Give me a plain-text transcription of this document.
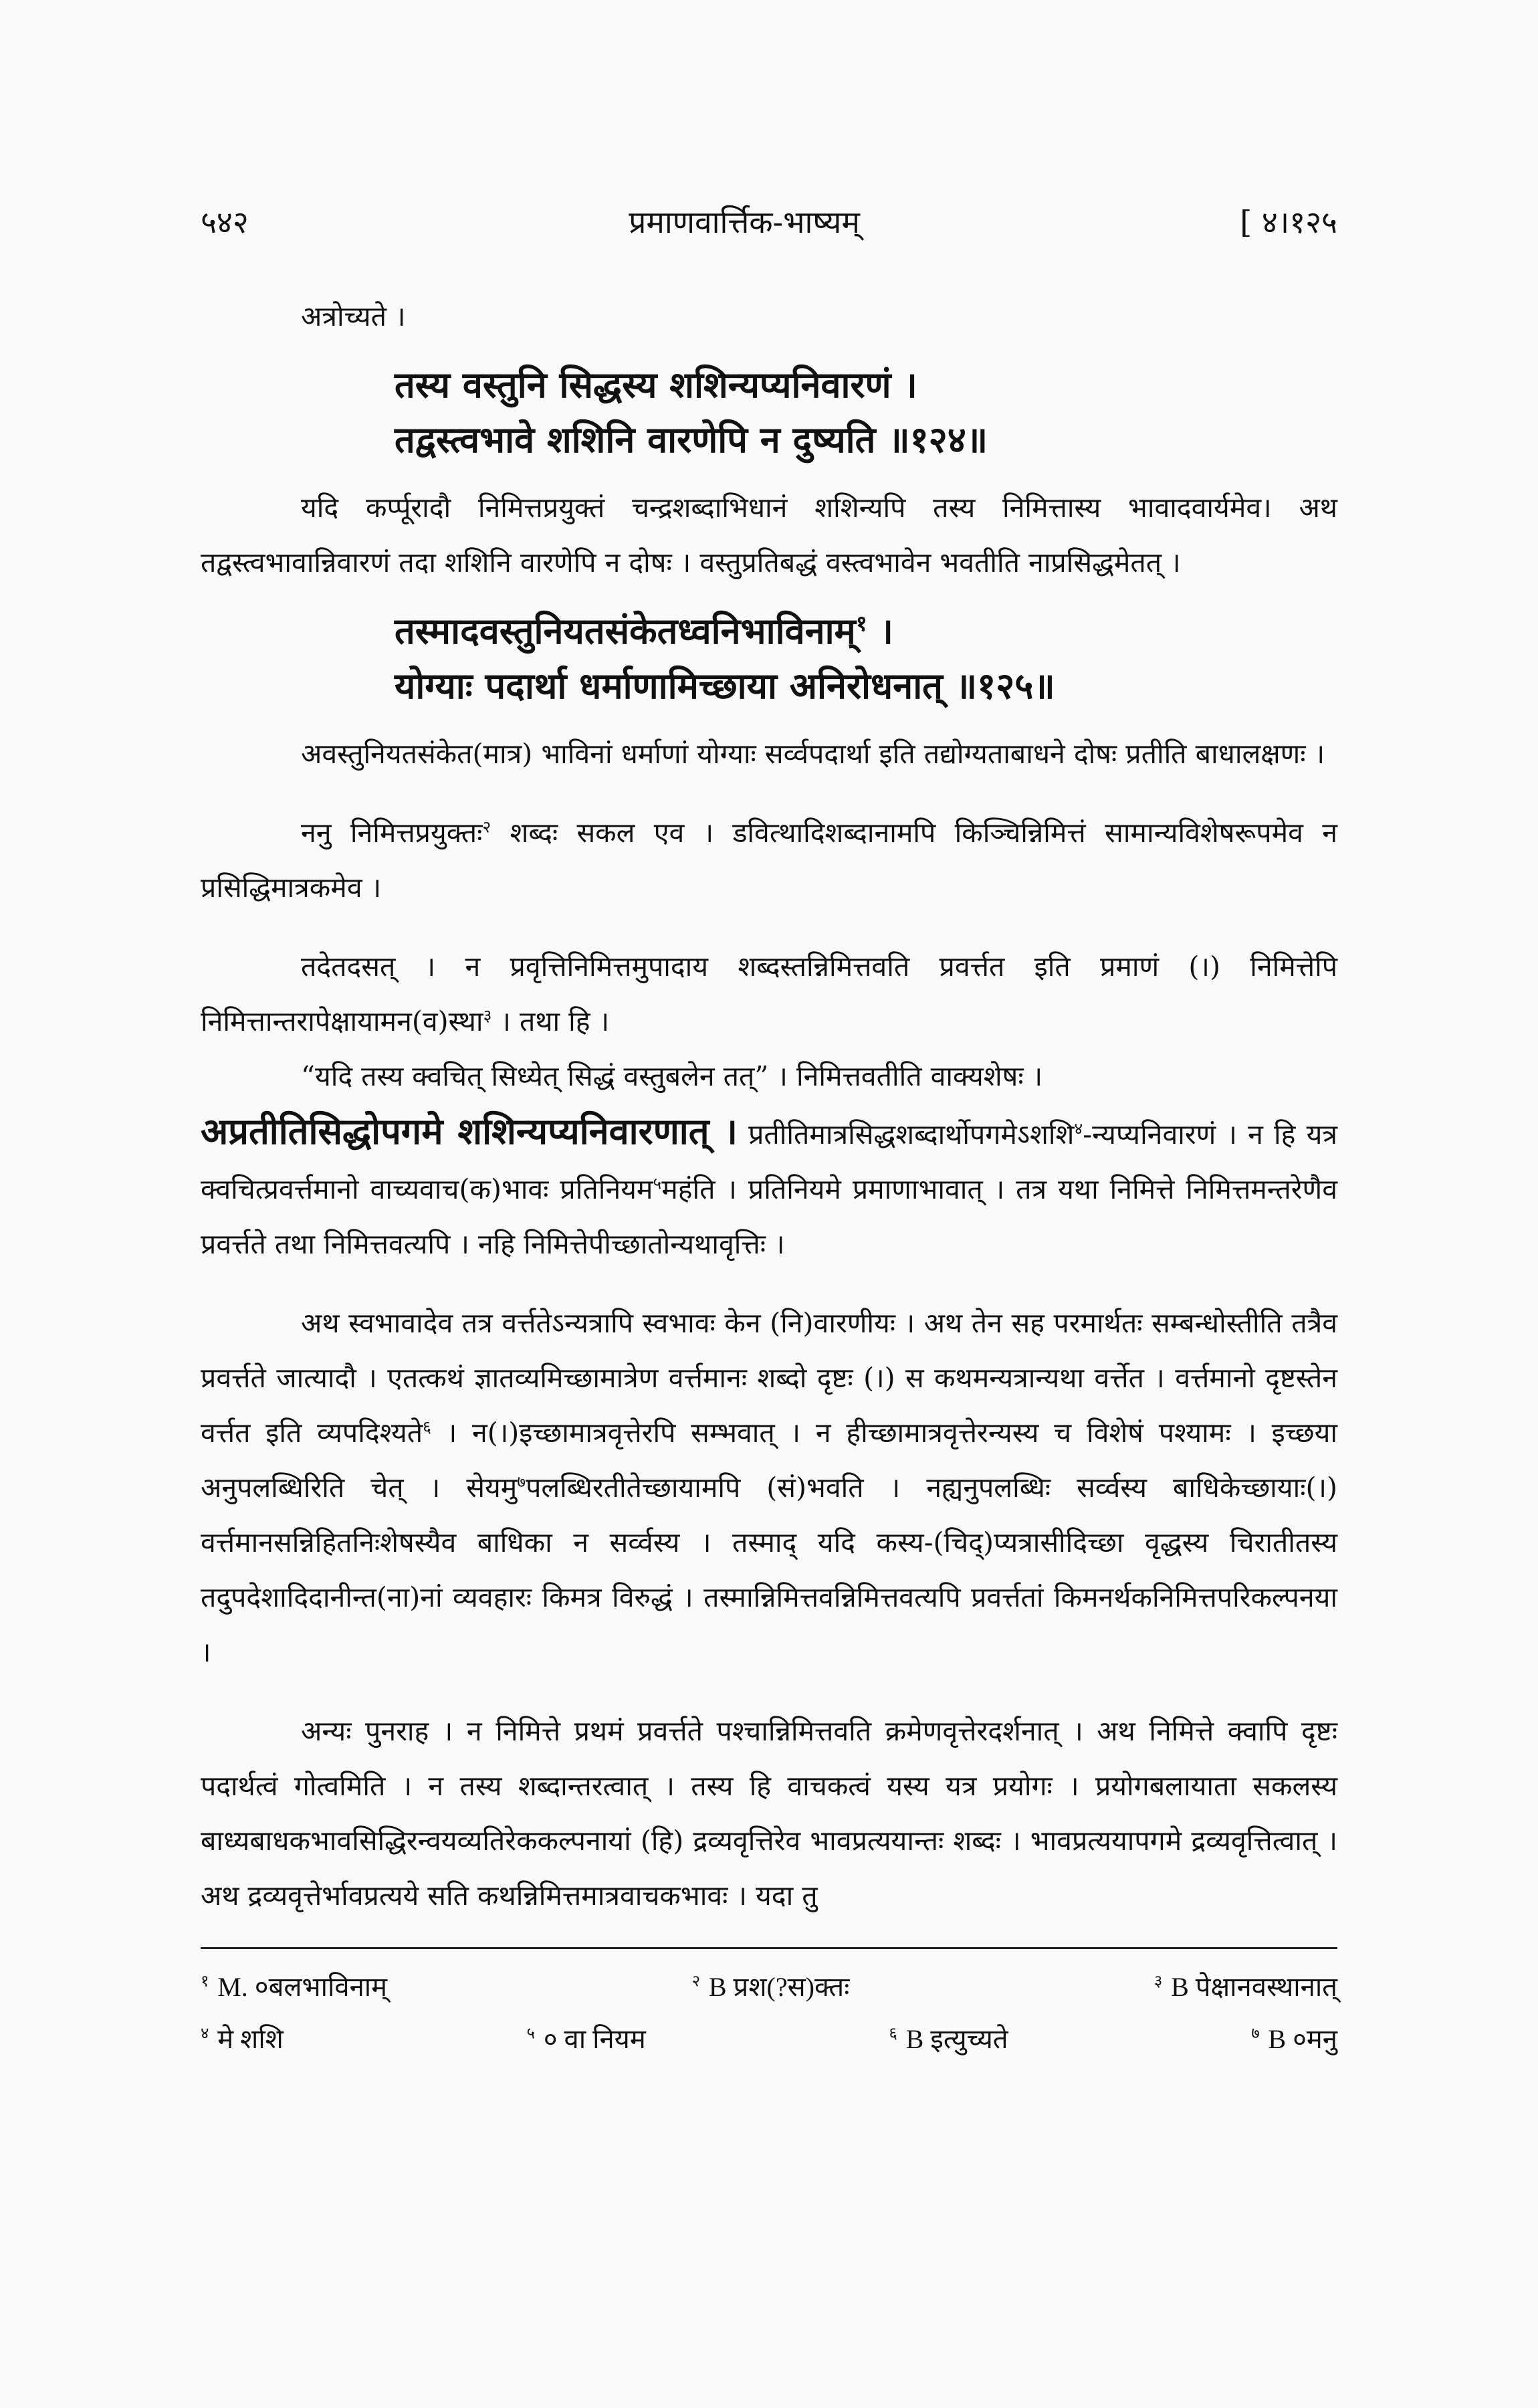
५४२	प्रमाणवार्त्तिक-भाष्यम्	[ ४।१२५

अत्रोच्यते ।

तस्य वस्तुनि सिद्धस्य शशिन्यप्यनिवारणं ।
तद्वस्त्वभावे शशिनि वारणेपि न दुष्यति ॥१२४॥

यदि कर्प्पूरादौ निमित्तप्रयुक्तं चन्द्रशब्दाभिधानं शशिन्यपि तस्य निमित्तास्य भावादवार्यमेव। अथ तद्वस्त्वभावान्निवारणं तदा शशिनि वारणेपि न दोषः । वस्तुप्रतिबद्धं वस्त्वभावेन भवतीति नाप्रसिद्धमेतत् ।

तस्मादवस्तुनियतसंकेतध्वनिभाविनाम्$^१$ ।
योग्याः पदार्था धर्माणामिच्छाया अनिरोधनात् ॥१२५॥

अवस्तुनियतसंकेत(मात्र) भाविनां धर्माणां योग्याः सर्व्वपदार्था इति तद्योग्यताबाधने दोषः प्रतीति बाधालक्षणः ।

ननु निमित्तप्रयुक्तः$^२$ शब्दः सकल एव । डवित्थादिशब्दानामपि किञ्चिन्निमित्तं सामान्यविशेषरूपमेव न प्रसिद्धिमात्रकमेव ।

तदेतदसत् । न प्रवृत्तिनिमित्तमुपादाय शब्दस्तन्निमित्तवति प्रवर्त्तत इति प्रमाणं (।) निमित्तेपि निमित्तान्तरापेक्षायामन(व)स्था$^३$ । तथा हि ।

“यदि तस्य क्वचित् सिध्येत् सिद्धं वस्तुबलेन तत्” । निमित्तवतीति वाक्यशेषः ।
अप्रतीतिसिद्धोपगमे शशिन्यप्यनिवारणात् । प्रतीतिमात्रसिद्धशब्दार्थोपगमेऽशशि$^४$-न्यप्यनिवारणं । न हि यत्र क्वचित्प्रवर्त्तमानो वाच्यवाच(क)भावः प्रतिनियम$^५$महंति । प्रतिनियमे प्रमाणाभावात् । तत्र यथा निमित्ते निमित्तमन्तरेणैव प्रवर्त्तते तथा निमित्तवत्यपि । नहि निमित्तेपीच्छातोन्यथावृत्तिः ।

अथ स्वभावादेव तत्र वर्त्ततेऽन्यत्रापि स्वभावः केन (नि)वारणीयः । अथ तेन सह परमार्थतः सम्बन्धोस्तीति तत्रैव प्रवर्त्तते जात्यादौ । एतत्कथं ज्ञातव्यमिच्छामात्रेण वर्त्तमानः शब्दो दृष्टः (।) स कथमन्यत्रान्यथा वर्त्तेत । वर्त्तमानो दृष्टस्तेन वर्त्तत इति व्यपदिश्यते$^६$ । न(।)इच्छामात्रवृत्तेरपि सम्भवात् । न हीच्छामात्रवृत्तेरन्यस्य च विशेषं पश्यामः । इच्छया अनुपलब्धिरिति चेत् । सेयमु$^७$पलब्धिरतीतेच्छायामपि (सं)भवति । नह्यनुपलब्धिः सर्व्वस्य बाधिकेच्छायाः(।) वर्त्तमानसन्निहितनिःशेषस्यैव बाधिका न सर्व्वस्य । तस्माद् यदि कस्य-(चिद्)प्यत्रासीदिच्छा वृद्धस्य चिरातीतस्य तदुपदेशादिदानीन्त(ना)नां व्यवहारः किमत्र विरुद्धं । तस्मान्निमित्तवन्निमित्तवत्यपि प्रवर्त्ततां किमनर्थकनिमित्तपरिकल्पनया ।

अन्यः पुनराह । न निमित्ते प्रथमं प्रवर्त्तते पश्चान्निमित्तवति क्रमेणवृत्तेरदर्शनात् । अथ निमित्ते क्वापि दृष्टः पदार्थत्वं गोत्वमिति । न तस्य शब्दान्तरत्वात् । तस्य हि वाचकत्वं यस्य यत्र प्रयोगः । प्रयोगबलायाता सकलस्य बाध्यबाधकभावसिद्धिरन्वयव्यतिरेककल्पनायां (हि) द्रव्यवृत्तिरेव भावप्रत्ययान्तः शब्दः । भावप्रत्ययापगमे द्रव्यवृत्तित्वात् । अथ द्रव्यवृत्तेर्भावप्रत्यये सति कथन्निमित्तमात्रवाचकभावः । यदा तु

$^१$ M. ०बलभाविनाम्	$^२$ B प्रश(?स)क्तः	$^३$ B पेक्षानवस्थानात्
$^४$ मे शशि	$^५$ ० वा नियम	$^६$ B इत्युच्यते	$^७$ B ०मनु
